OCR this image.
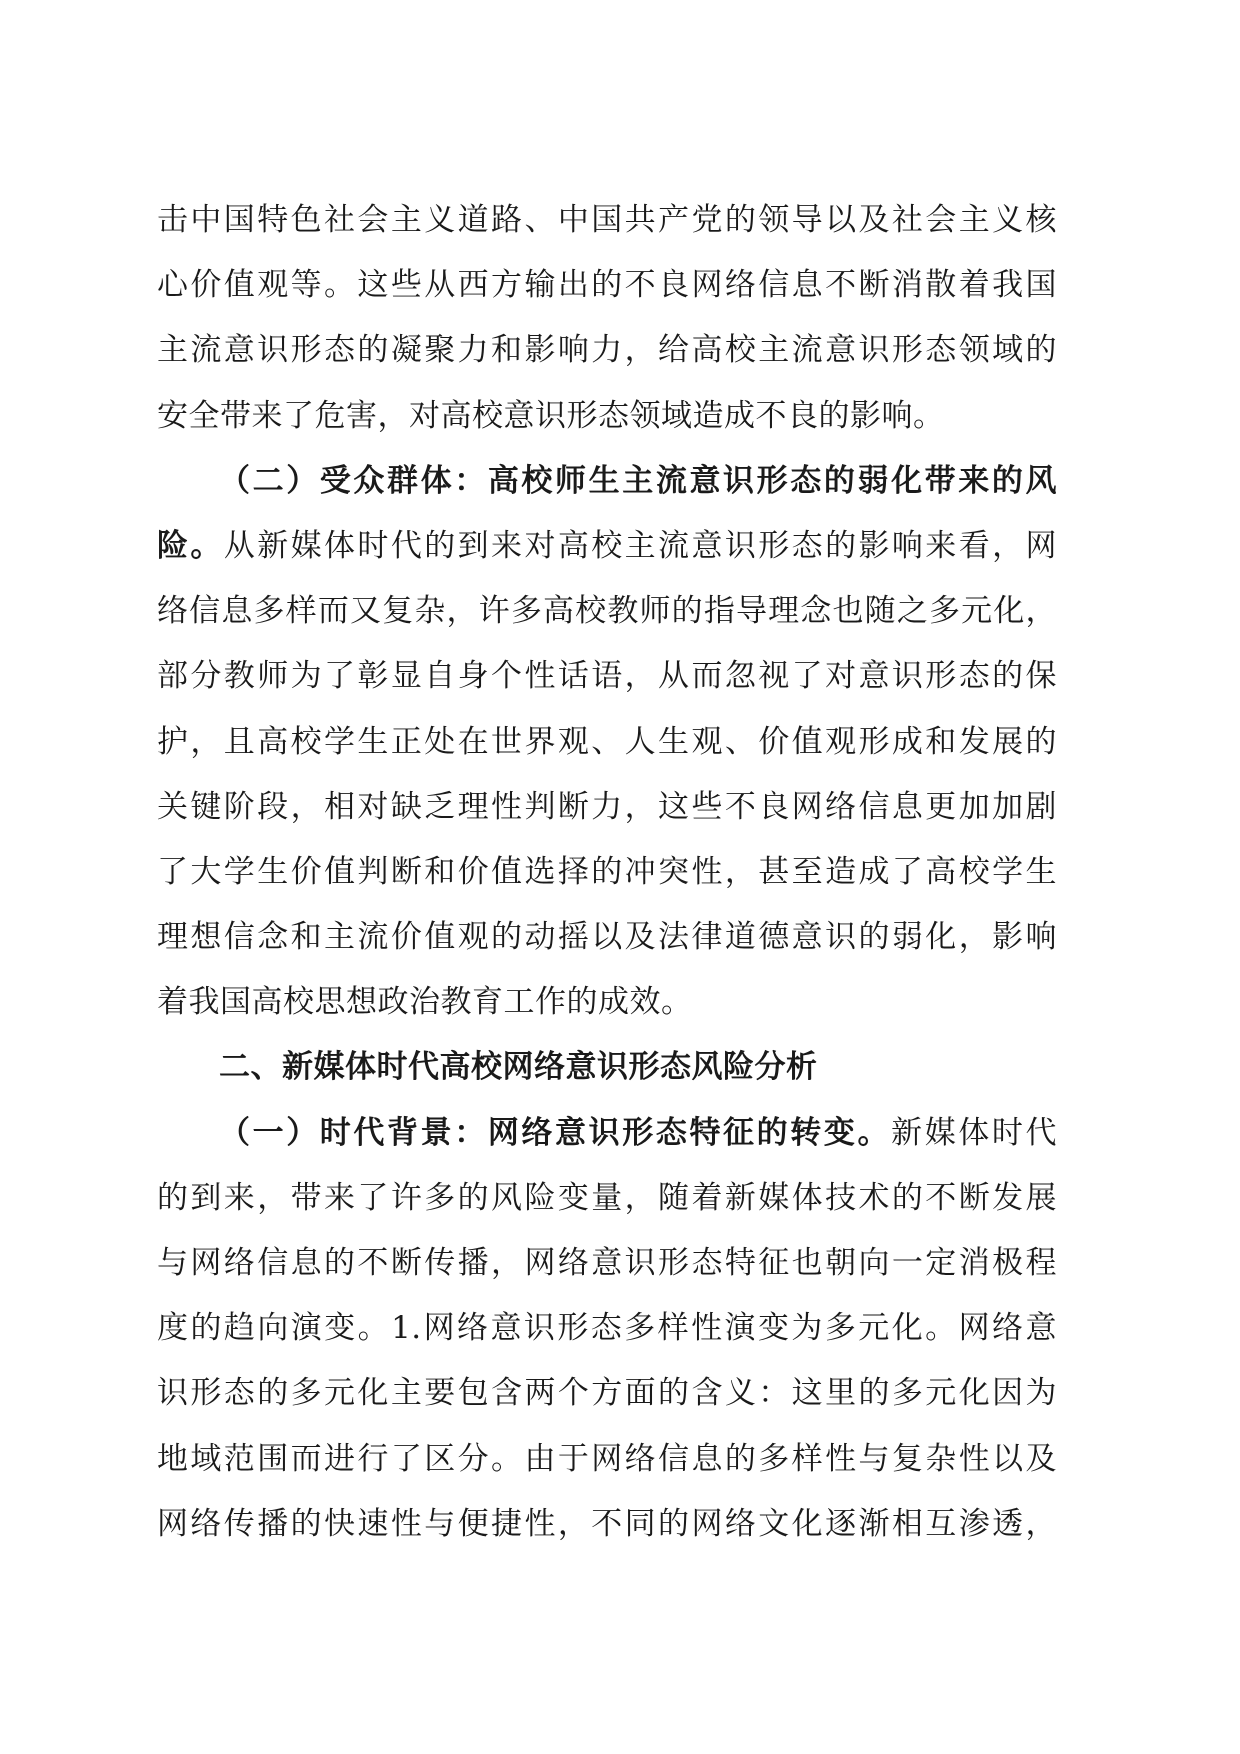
击中国特色社会主义道路、中国共产党的领导以及社会主义核
心价值观等。这些从西方输出的不良网络信息不断消散着我国
主流意识形态的凝聚力和影响力，给高校主流意识形态领域的
安全带来了危害，对高校意识形态领域造成不良的影响。
（二）受众群体：高校师生主流意识形态的弱化带来的风
险。从新媒体时代的到来对高校主流意识形态的影响来看，网
络信息多样而又复杂，许多高校教师的指导理念也随之多元化，
部分教师为了彰显自身个性话语，从而忽视了对意识形态的保
护，且高校学生正处在世界观、人生观、价值观形成和发展的
关键阶段，相对缺乏理性判断力，这些不良网络信息更加加剧
了大学生价值判断和价值选择的冲突性，甚至造成了高校学生
理想信念和主流价值观的动摇以及法律道德意识的弱化，影响
着我国高校思想政治教育工作的成效。
二、新媒体时代高校网络意识形态风险分析
（一）时代背景：网络意识形态特征的转变。新媒体时代
的到来，带来了许多的风险变量，随着新媒体技术的不断发展
与网络信息的不断传播，网络意识形态特征也朝向一定消极程
度的趋向演变。1.网络意识形态多样性演变为多元化。网络意
识形态的多元化主要包含两个方面的含义：这里的多元化因为
地域范围而进行了区分。由于网络信息的多样性与复杂性以及
网络传播的快速性与便捷性，不同的网络文化逐渐相互渗透，
